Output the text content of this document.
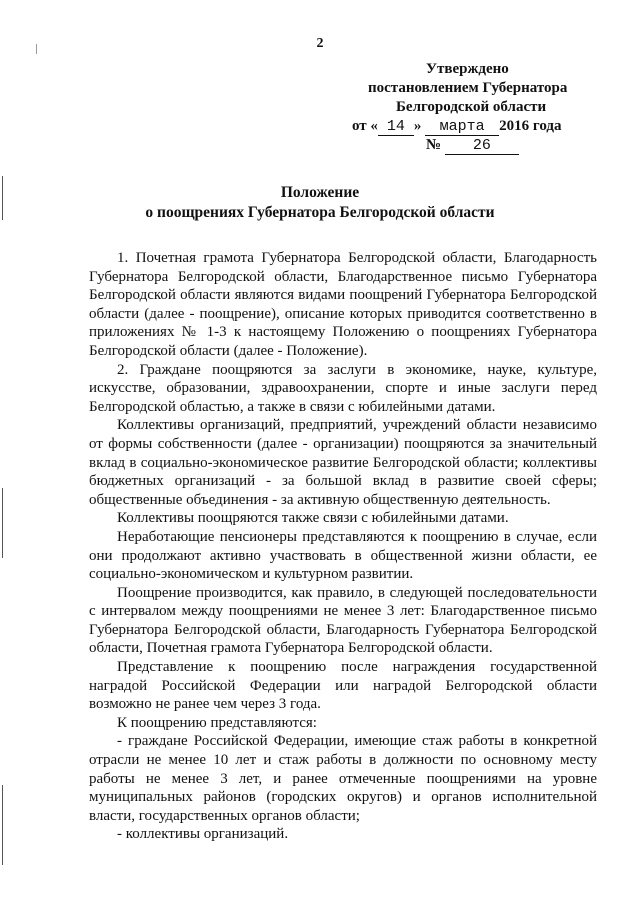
2
Утверждено
постановлением Губернатора
Белгородской области
от « 14 » марта 2016 года
№ 26
Положение
о поощрениях Губернатора Белгородской области

1. Почетная грамота Губернатора Белгородской области, Благодарность Губернатора Белгородской области, Благодарственное письмо Губернатора Белгородской области являются видами поощрений Губернатора Белгородской области (далее - поощрение), описание которых приводится соответственно в приложениях № 1-3 к настоящему Положению о поощрениях Губернатора Белгородской области (далее - Положение).

2. Граждане поощряются за заслуги в экономике, науке, культуре, искусстве, образовании, здравоохранении, спорте и иные заслуги перед Белгородской областью, а также в связи с юбилейными датами.

Коллективы организаций, предприятий, учреждений области независимо от формы собственности (далее - организации) поощряются за значительный вклад в социально-экономическое развитие Белгородской области; коллективы бюджетных организаций - за большой вклад в развитие своей сферы; общественные объединения - за активную общественную деятельность.

Коллективы поощряются также связи с юбилейными датами.

Неработающие пенсионеры представляются к поощрению в случае, если они продолжают активно участвовать в общественной жизни области, ее социально-экономическом и культурном развитии.

Поощрение производится, как правило, в следующей последовательности с интервалом между поощрениями не менее 3 лет: Благодарственное письмо Губернатора Белгородской области, Благодарность Губернатора Белгородской области, Почетная грамота Губернатора Белгородской области.

Представление к поощрению после награждения государственной наградой Российской Федерации или наградой Белгородской области возможно не ранее чем через 3 года.

К поощрению представляются:

- граждане Российской Федерации, имеющие стаж работы в конкретной отрасли не менее 10 лет и стаж работы в должности по основному месту работы не менее 3 лет, и ранее отмеченные поощрениями на уровне муниципальных районов (городских округов) и органов исполнительной власти, государственных органов области;

- коллективы организаций.
